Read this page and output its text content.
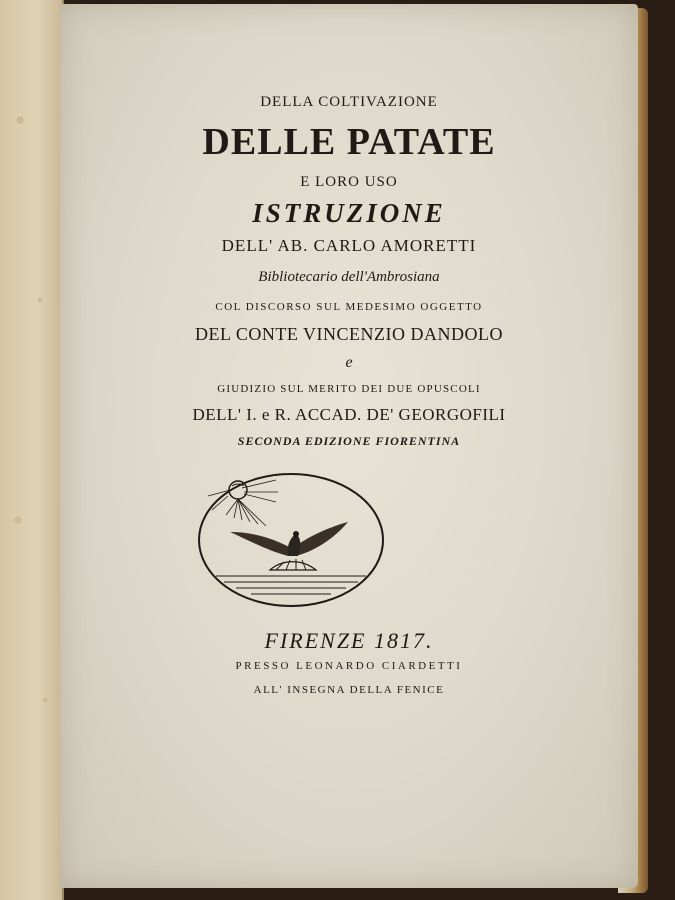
DELLA COLTIVAZIONE
DELLE PATATE
E LORO USO
ISTRUZIONE
DELL' AB. CARLO AMORETTI
Bibliotecario dell'Ambrosiana
COL DISCORSO SUL MEDESIMO OGGETTO
DEL CONTE VINCENZIO DANDOLO
e
GIUDIZIO SUL MERITO DEI DUE OPUSCOLI
DELL' I. e R. ACCAD. DE' GEORGOFILI
SECONDA EDIZIONE FIORENTINA
FIRENZE 1817.
PRESSO LEONARDO CIARDETTI
ALL' INSEGNA DELLA FENICE
